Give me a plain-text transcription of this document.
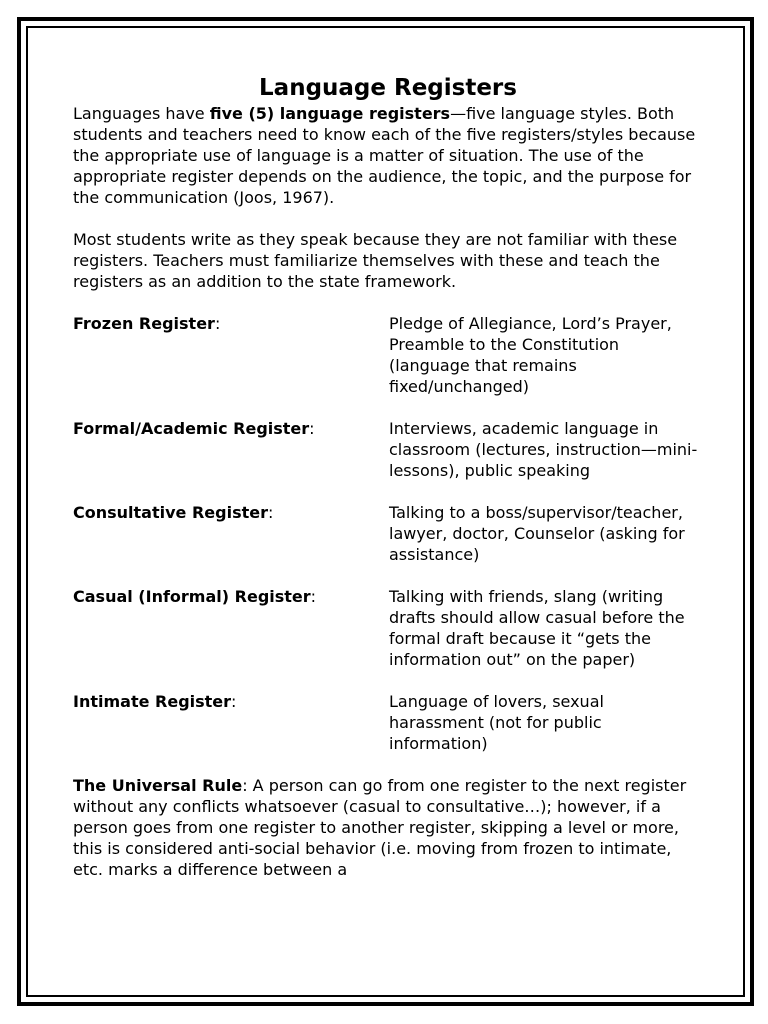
Language Registers
Languages have five (5) language registers—five language styles. Both students and teachers need to know each of the five registers/styles because the appropriate use of language is a matter of situation. The use of the appropriate register depends on the audience, the topic, and the purpose for the communication (Joos, 1967).
Most students write as they speak because they are not familiar with these registers. Teachers must familiarize themselves with these and teach the registers as an addition to the state framework.
Frozen Register:	Pledge of Allegiance, Lord’s Prayer, Preamble to the Constitution (language that remains fixed/unchanged)
Formal/Academic Register:	Interviews, academic language in classroom (lectures, instruction—mini-lessons), public speaking
Consultative Register:	Talking to a boss/supervisor/teacher, lawyer, doctor, Counselor (asking for assistance)
Casual (Informal) Register:	Talking with friends, slang (writing drafts should allow casual before the formal draft because it “gets the information out” on the paper)
Intimate Register:	Language of lovers, sexual harassment (not for public information)
The Universal Rule: A person can go from one register to the next register without any conflicts whatsoever (casual to consultative…); however, if a person goes from one register to another register, skipping a level or more, this is considered anti-social behavior (i.e. moving from frozen to intimate, etc. marks a difference between a
